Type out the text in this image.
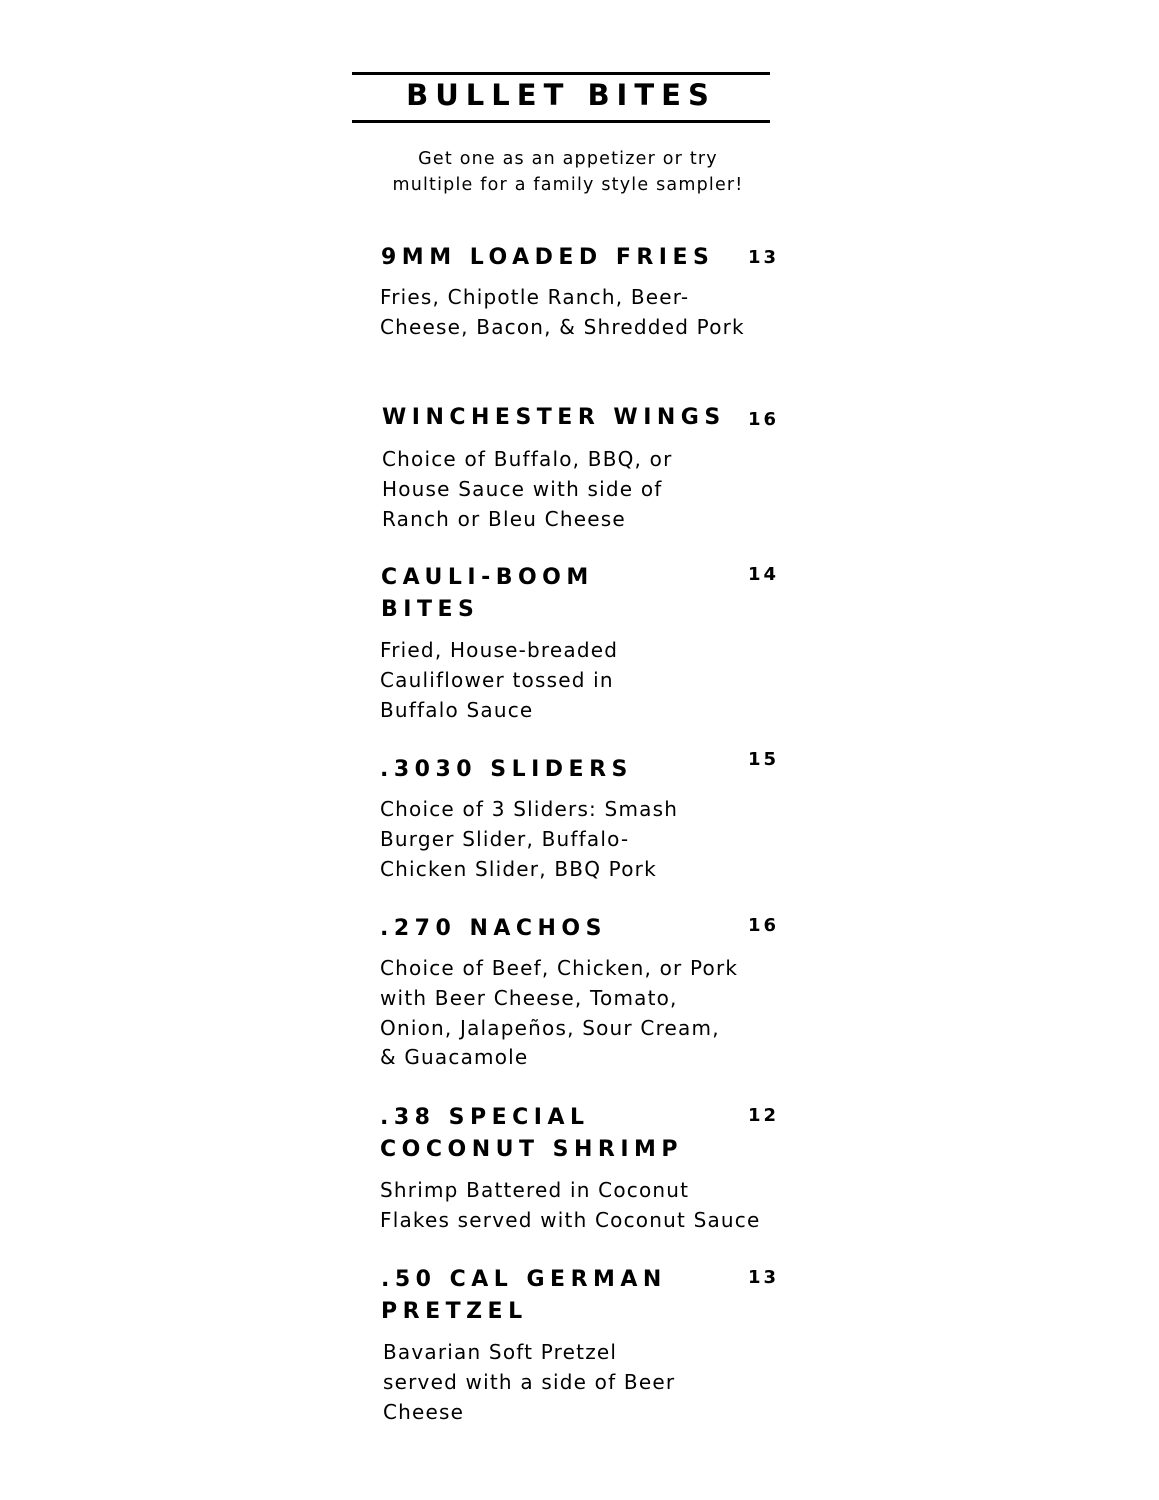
BULLET BITES
Get one as an appetizer or try multiple for a family style sampler!
9MM LOADED FRIES 13
Fries, Chipotle Ranch, Beer-
Cheese, Bacon, & Shredded Pork
WINCHESTER WINGS 16
Choice of Buffalo, BBQ, or
House Sauce with side of
Ranch or Bleu Cheese
CAULI-BOOM
BITES
14
Fried, House-breaded
Cauliflower tossed in
Buffalo Sauce
.3030 SLIDERS	15
Choice of 3 Sliders: Smash
Burger Slider, Buffalo-
Chicken Slider, BBQ Pork
.270 NACHOS	16
Choice of Beef, Chicken, or Pork
with Beer Cheese, Tomato,
Onion, Jalapeños, Sour Cream,
& Guacamole
.38 SPECIAL
COCONUT SHRIMP
12
Shrimp Battered in Coconut
Flakes served with Coconut Sauce
.50 CAL GERMAN
PRETZEL
13
Bavarian Soft Pretzel
served with a side of Beer
Cheese
